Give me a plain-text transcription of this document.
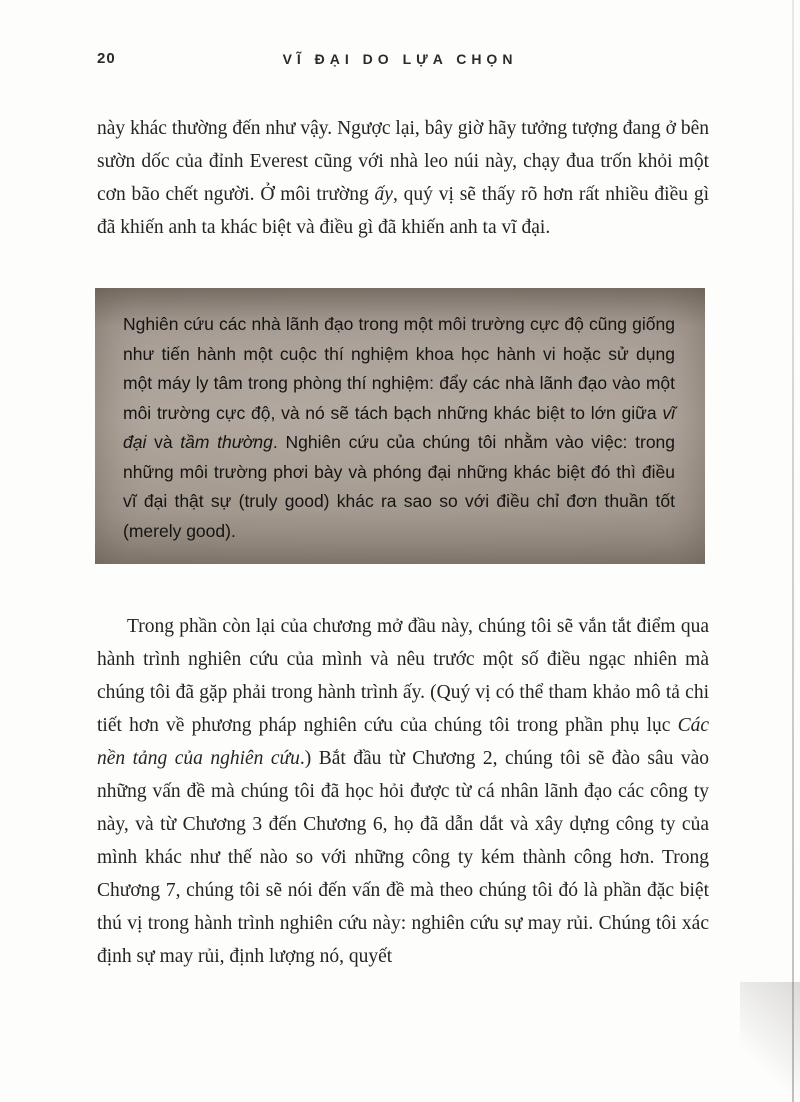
20	VĨ ĐẠI DO LỰA CHỌN

này khác thường đến như vậy. Ngược lại, bây giờ hãy tưởng tượng đang ở bên sườn dốc của đỉnh Everest cũng với nhà leo núi này, chạy đua trốn khỏi một cơn bão chết người. Ở môi trường ấy, quý vị sẽ thấy rõ hơn rất nhiều điều gì đã khiến anh ta khác biệt và điều gì đã khiến anh ta vĩ đại.

Nghiên cứu các nhà lãnh đạo trong một môi trường cực độ cũng giống như tiến hành một cuộc thí nghiệm khoa học hành vi hoặc sử dụng một máy ly tâm trong phòng thí nghiệm: đẩy các nhà lãnh đạo vào một môi trường cực độ, và nó sẽ tách bạch những khác biệt to lớn giữa vĩ đại và tầm thường. Nghiên cứu của chúng tôi nhằm vào việc: trong những môi trường phơi bày và phóng đại những khác biệt đó thì điều vĩ đại thật sự (truly good) khác ra sao so với điều chỉ đơn thuần tốt (merely good).

Trong phần còn lại của chương mở đầu này, chúng tôi sẽ vắn tắt điểm qua hành trình nghiên cứu của mình và nêu trước một số điều ngạc nhiên mà chúng tôi đã gặp phải trong hành trình ấy. (Quý vị có thể tham khảo mô tả chi tiết hơn về phương pháp nghiên cứu của chúng tôi trong phần phụ lục Các nền tảng của nghiên cứu.) Bắt đầu từ Chương 2, chúng tôi sẽ đào sâu vào những vấn đề mà chúng tôi đã học hỏi được từ cá nhân lãnh đạo các công ty này, và từ Chương 3 đến Chương 6, họ đã dẫn dắt và xây dựng công ty của mình khác như thế nào so với những công ty kém thành công hơn. Trong Chương 7, chúng tôi sẽ nói đến vấn đề mà theo chúng tôi đó là phần đặc biệt thú vị trong hành trình nghiên cứu này: nghiên cứu sự may rủi. Chúng tôi xác định sự may rủi, định lượng nó, quyết
